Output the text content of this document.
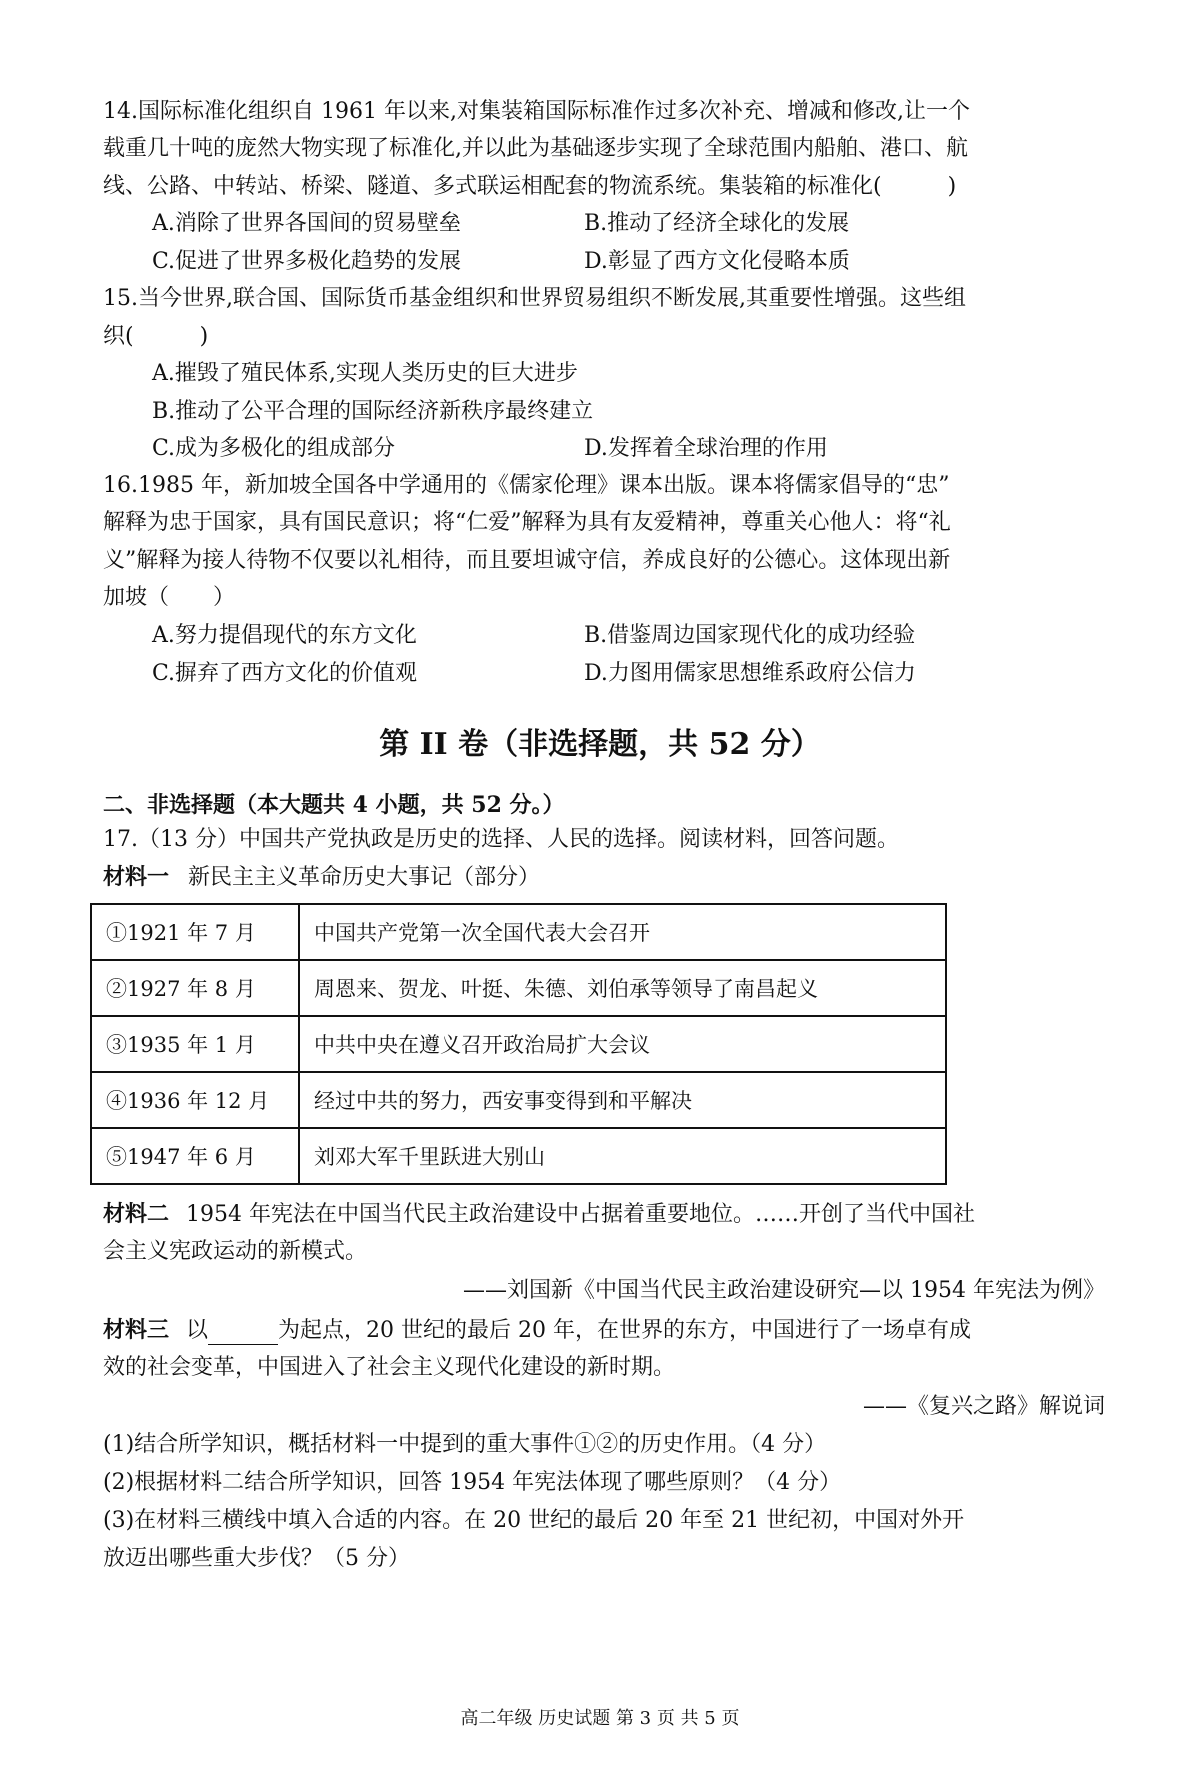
14.国际标准化组织自 1961 年以来,对集装箱国际标准作过多次补充、增减和修改,让一个
载重几十吨的庞然大物实现了标准化,并以此为基础逐步实现了全球范围内船舶、港口、航
线、公路、中转站、桥梁、隧道、多式联运相配套的物流系统。集装箱的标准化(　　　)
A.消除了世界各国间的贸易壁垒	B.推动了经济全球化的发展
C.促进了世界多极化趋势的发展	D.彰显了西方文化侵略本质
15.当今世界,联合国、国际货币基金组织和世界贸易组织不断发展,其重要性增强。这些组
织(　　　)
A.摧毁了殖民体系,实现人类历史的巨大进步
B.推动了公平合理的国际经济新秩序最终建立
C.成为多极化的组成部分	D.发挥着全球治理的作用
16.1985 年，新加坡全国各中学通用的《儒家伦理》课本出版。课本将儒家倡导的“忠”
解释为忠于国家，具有国民意识；将“仁爱”解释为具有友爱精神，尊重关心他人：将“礼
义”解释为接人待物不仅要以礼相待，而且要坦诚守信，养成良好的公德心。这体现出新
加坡（　　）
A.努力提倡现代的东方文化	B.借鉴周边国家现代化的成功经验
C.摒弃了西方文化的价值观	D.力图用儒家思想维系政府公信力
第 II 卷（非选择题，共 52 分）
二、非选择题（本大题共 4 小题，共 52 分。）
17.（13 分）中国共产党执政是历史的选择、人民的选择。阅读材料，回答问题。
材料一 新民主主义革命历史大事记（部分）
①1921 年 7 月	中国共产党第一次全国代表大会召开
②1927 年 8 月	周恩来、贺龙、叶挺、朱德、刘伯承等领导了南昌起义
③1935 年 1 月	中共中央在遵义召开政治局扩大会议
④1936 年 12 月	经过中共的努力，西安事变得到和平解决
⑤1947 年 6 月	刘邓大军千里跃进大别山
材料二 1954 年宪法在中国当代民主政治建设中占据着重要地位。……开创了当代中国社
会主义宪政运动的新模式。
——刘国新《中国当代民主政治建设研究—以 1954 年宪法为例》
材料三 以	为起点，20 世纪的最后 20 年，在世界的东方，中国进行了一场卓有成
效的社会变革，中国进入了社会主义现代化建设的新时期。
——《复兴之路》解说词
(1)结合所学知识，概括材料一中提到的重大事件①②的历史作用。（4 分）
(2)根据材料二结合所学知识，回答 1954 年宪法体现了哪些原则？（4 分）
(3)在材料三横线中填入合适的内容。在 20 世纪的最后 20 年至 21 世纪初，中国对外开
放迈出哪些重大步伐？（5 分）
高二年级 历史试题 第 3 页 共 5 页
